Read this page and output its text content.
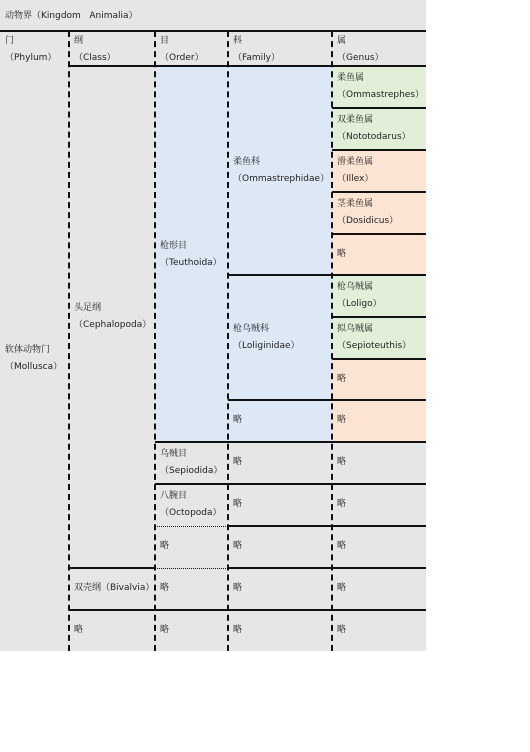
动物界（Kingdom   Animalia）
门
（Phylum）
纲
（Class）
目
（Order）
科
（Family）
属
（Genus）
软体动物门
（Mollusca）
头足纲
（Cephalopoda）
双壳纲（Bivalvia）
略
枪形目
（Teuthoida）
乌贼目
（Sepiodida）
八腕目
（Octopoda）
略
略
略
柔鱼科
（Ommastrephidae）
枪乌贼科
（Loliginidae）
略
略
略
略
略
略
柔鱼属
（Ommastrephes）
双柔鱼属
（Nototodarus）
滑柔鱼属
（Illex）
茎柔鱼属
（Dosidicus）
略
枪乌贼属
（Loligo）
拟乌贼属
（Sepioteuthis）
略
略
略
略
略
略
略
